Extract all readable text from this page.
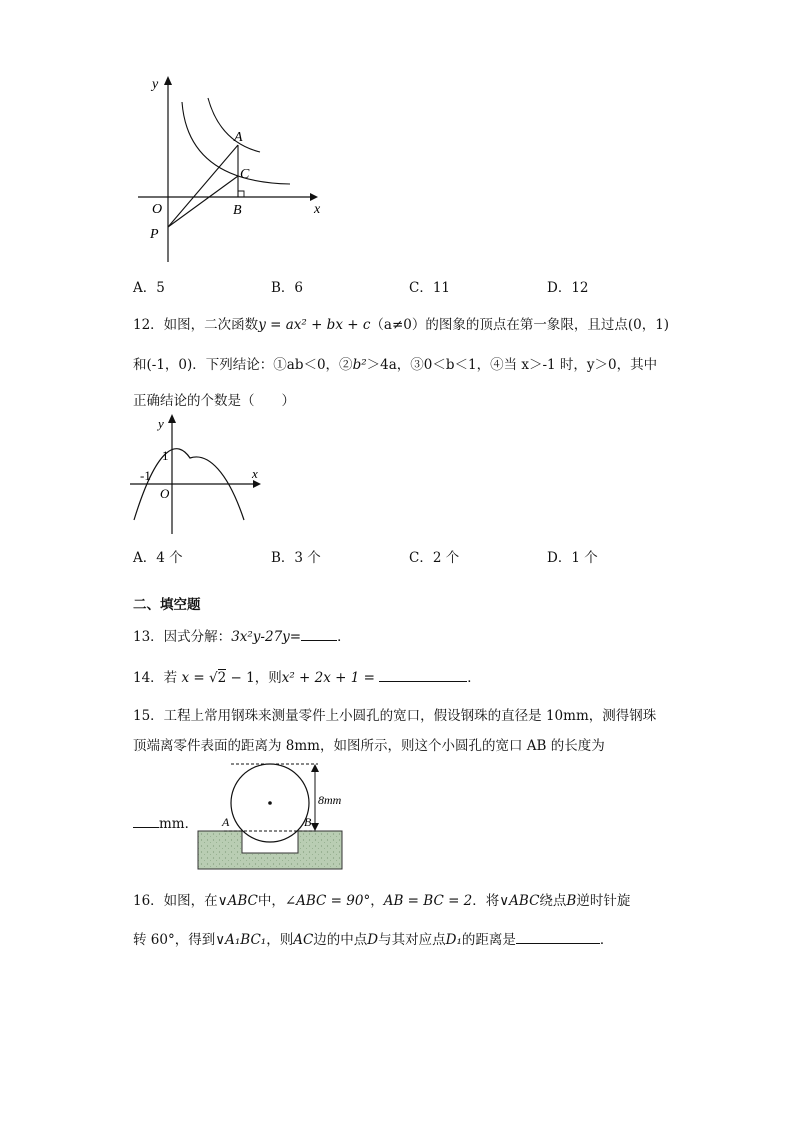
y
x
O
A
C
B
P
A．5	B．6	C．11	D．12
12．如图，二次函数y = ax² + bx + c（a≠0）的图象的顶点在第一象限，且过点(0，1)
和(-1，0)．下列结论：①ab＜0，②b²＞4a，③0＜b＜1，④当 x＞-1 时，y＞0，其中
正确结论的个数是（　　）
y
x
O
1
-1
A．4 个	B．3 个	C．2 个	D．1 个
二、填空题
13．因式分解：3x²y-27y=	．
14．若 x = √2 − 1，则x² + 2x + 1 =	．
15．工程上常用钢珠来测量零件上小圆孔的宽口，假设钢珠的直径是 10mm，测得钢珠
顶端离零件表面的距离为 8mm，如图所示，则这个小圆孔的宽口 AB 的长度为
mm．
8mm
A	B
16．如图，在∨ABC中，∠ABC = 90°，AB = BC = 2．将∨ABC绕点B逆时针旋
转 60°，得到∨A₁BC₁，则AC边的中点D与其对应点D₁的距离是	．
